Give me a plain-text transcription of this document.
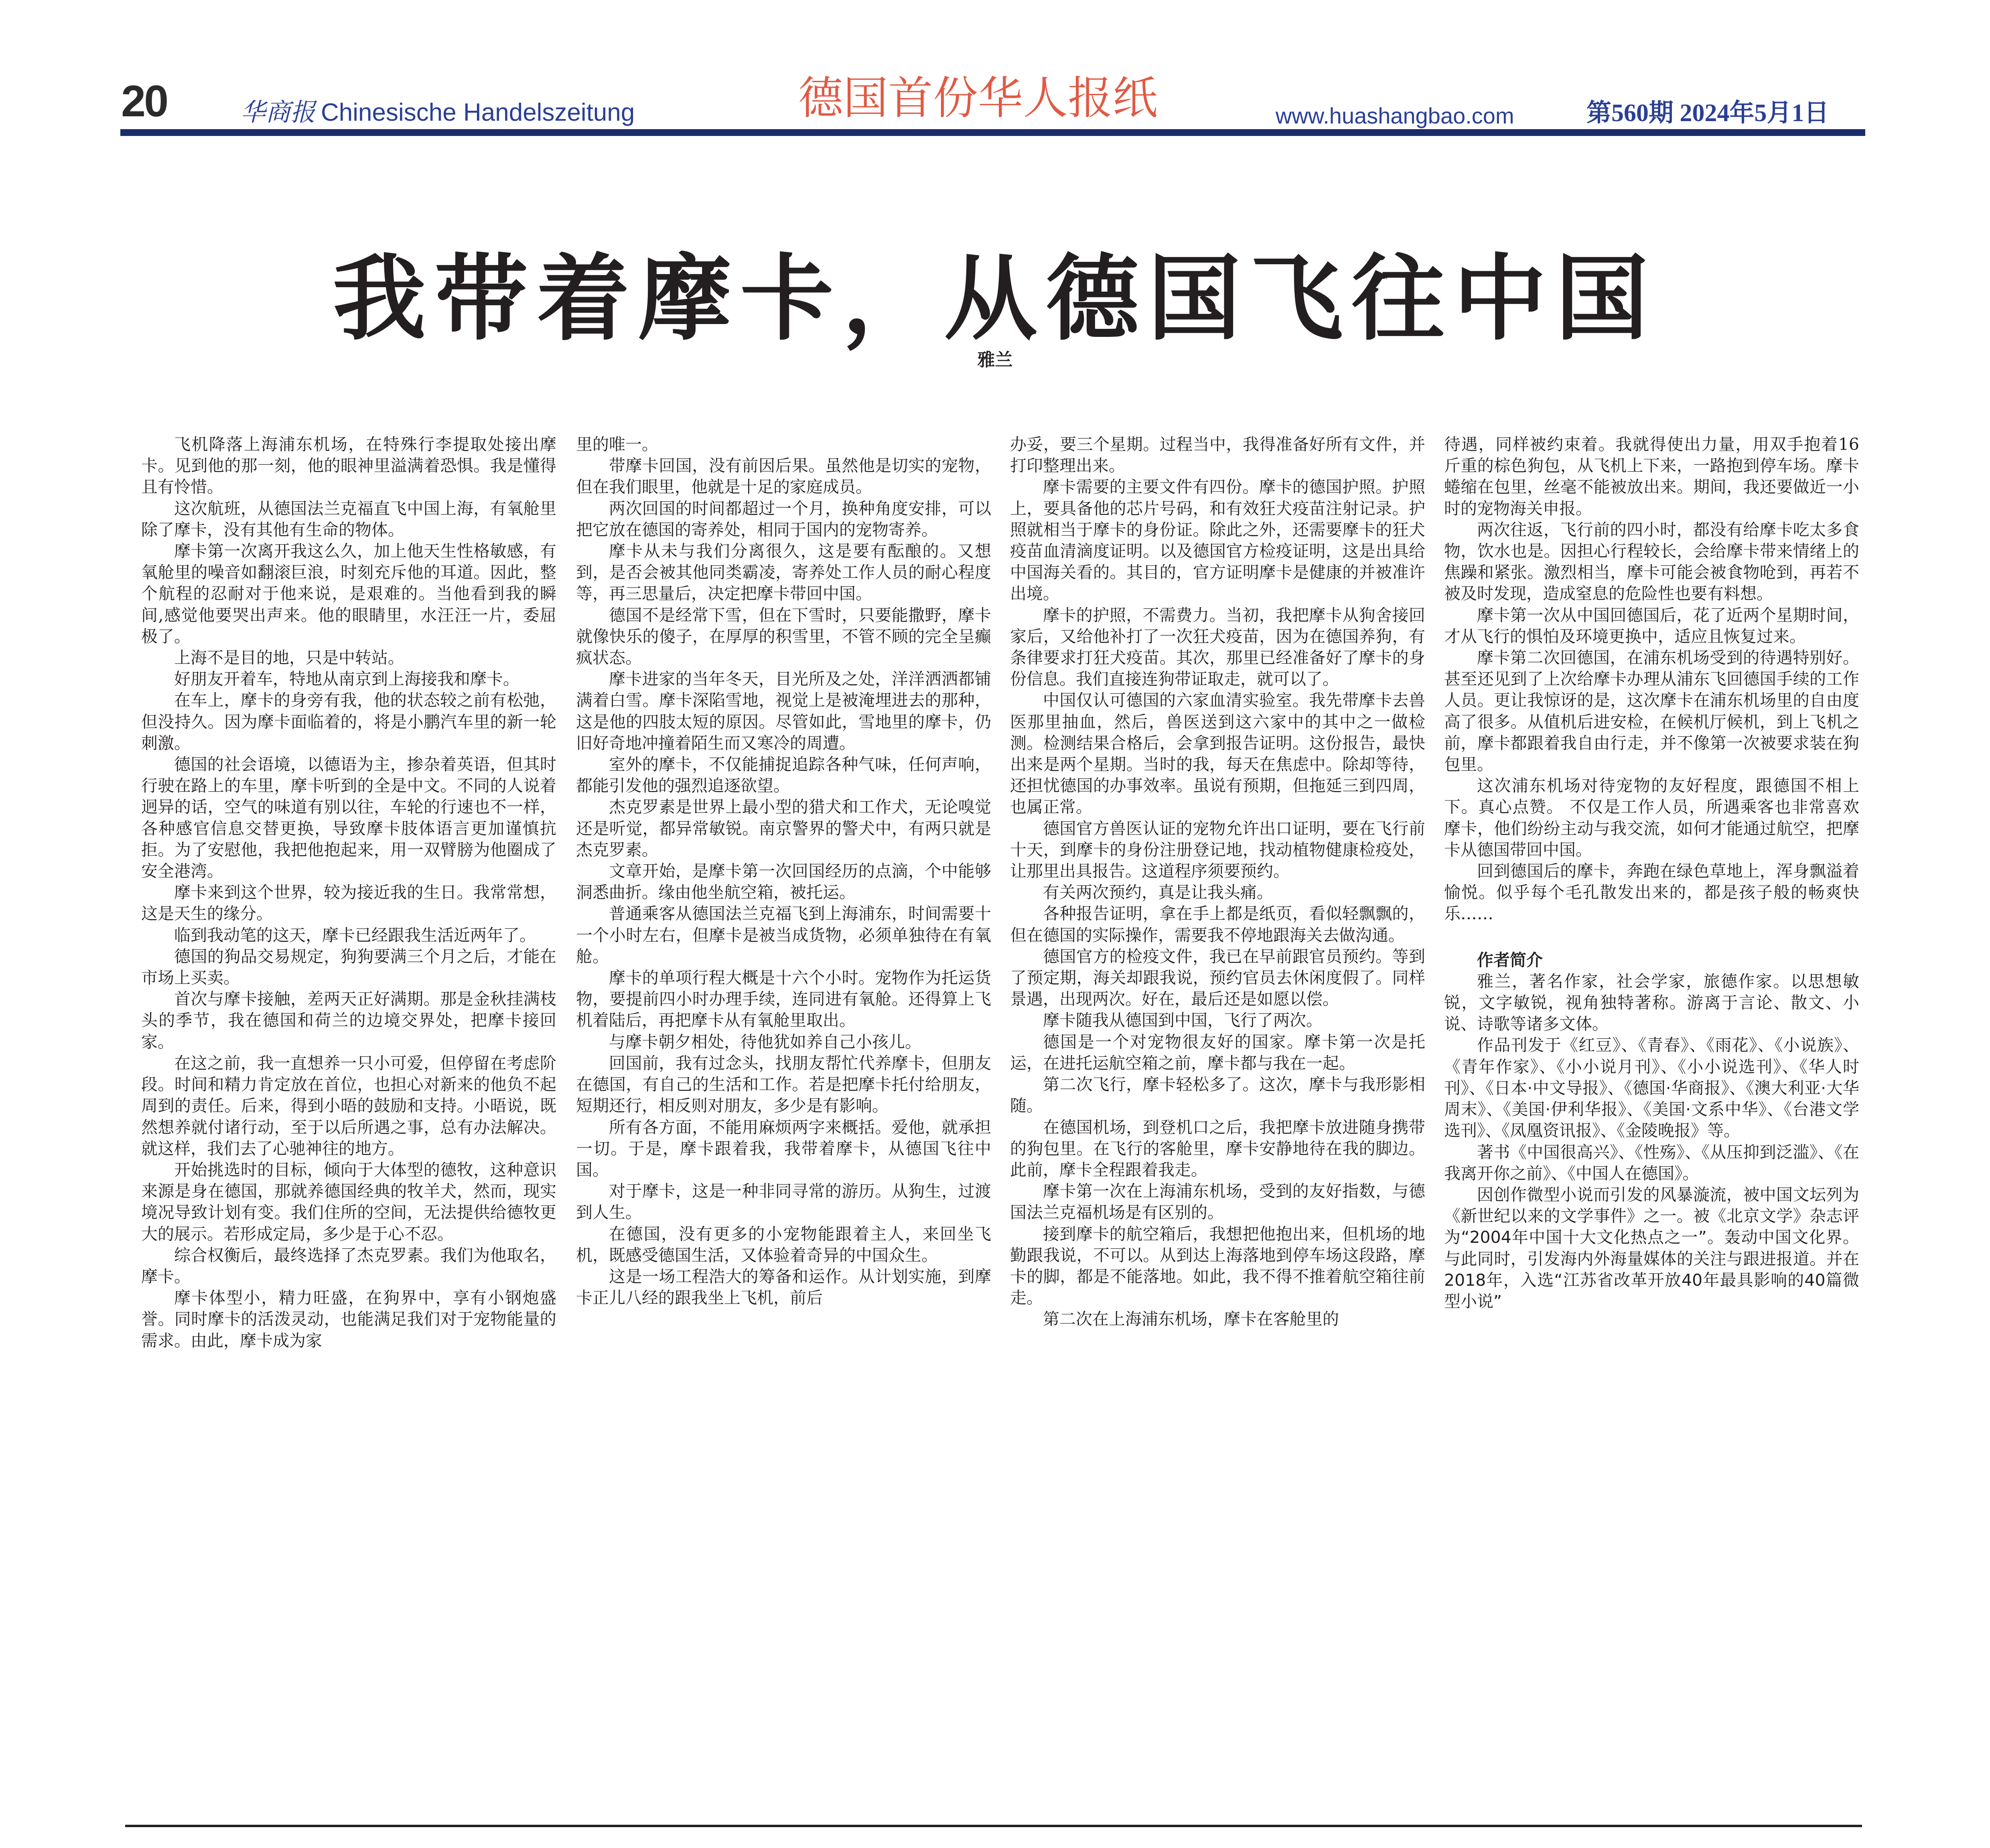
20	华商报 Chinesische Handelszeitung	德国首份华人报纸	www.huashangbao.com	第560期 2024年5月1日
我带着摩卡，从德国飞往中国
雅兰

飞机降落上海浦东机场，在特殊行李提取处接出摩卡。见到他的那一刻，他的眼神里溢满着恐惧。我是懂得且有怜惜。

这次航班，从德国法兰克福直飞中国上海，有氧舱里除了摩卡，没有其他有生命的物体。

摩卡第一次离开我这么久，加上他天生性格敏感，有氧舱里的噪音如翻滚巨浪，时刻充斥他的耳道。因此，整个航程的忍耐对于他来说，是艰难的。当他看到我的瞬间,感觉他要哭出声来。他的眼睛里，水汪汪一片，委屈极了。

上海不是目的地，只是中转站。

好朋友开着车，特地从南京到上海接我和摩卡。

在车上，摩卡的身旁有我，他的状态较之前有松弛，但没持久。因为摩卡面临着的，将是小鹏汽车里的新一轮刺激。

德国的社会语境，以德语为主，掺杂着英语，但其时行驶在路上的车里，摩卡听到的全是中文。不同的人说着迥异的话，空气的味道有别以往，车轮的行速也不一样，各种感官信息交替更换，导致摩卡肢体语言更加谨慎抗拒。为了安慰他，我把他抱起来，用一双臂膀为他圈成了安全港湾。

摩卡来到这个世界，较为接近我的生日。我常常想，这是天生的缘分。

临到我动笔的这天，摩卡已经跟我生活近两年了。

德国的狗品交易规定，狗狗要满三个月之后，才能在市场上买卖。

首次与摩卡接触，差两天正好满期。那是金秋挂满枝头的季节，我在德国和荷兰的边境交界处，把摩卡接回家。

在这之前，我一直想养一只小可爱，但停留在考虑阶段。时间和精力肯定放在首位，也担心对新来的他负不起周到的责任。后来，得到小晤的鼓励和支持。小晤说，既然想养就付诸行动，至于以后所遇之事，总有办法解决。就这样，我们去了心驰神往的地方。

开始挑选时的目标，倾向于大体型的德牧，这种意识来源是身在德国，那就养德国经典的牧羊犬，然而，现实境况导致计划有变。我们住所的空间，无法提供给德牧更大的展示。若形成定局，多少是于心不忍。

综合权衡后，最终选择了杰克罗素。我们为他取名，摩卡。

摩卡体型小，精力旺盛，在狗界中，享有小钢炮盛誉。同时摩卡的活泼灵动，也能满足我们对于宠物能量的需求。由此，摩卡成为家

里的唯一。

带摩卡回国，没有前因后果。虽然他是切实的宠物，但在我们眼里，他就是十足的家庭成员。

两次回国的时间都超过一个月，换种角度安排，可以把它放在德国的寄养处，相同于国内的宠物寄养。

摩卡从未与我们分离很久，这是要有酝酿的。又想到，是否会被其他同类霸凌，寄养处工作人员的耐心程度等，再三思量后，决定把摩卡带回中国。

德国不是经常下雪，但在下雪时，只要能撒野，摩卡就像快乐的傻子，在厚厚的积雪里，不管不顾的完全呈癫疯状态。

摩卡进家的当年冬天，目光所及之处，洋洋洒洒都铺满着白雪。摩卡深陷雪地，视觉上是被淹埋进去的那种，这是他的四肢太短的原因。尽管如此，雪地里的摩卡，仍旧好奇地冲撞着陌生而又寒冷的周遭。

室外的摩卡，不仅能捕捉追踪各种气味，任何声响，都能引发他的强烈追逐欲望。

杰克罗素是世界上最小型的猎犬和工作犬，无论嗅觉还是听觉，都异常敏锐。南京警界的警犬中，有两只就是杰克罗素。

文章开始，是摩卡第一次回国经历的点滴，个中能够洞悉曲折。缘由他坐航空箱，被托运。

普通乘客从德国法兰克福飞到上海浦东，时间需要十一个小时左右，但摩卡是被当成货物，必须单独待在有氧舱。

摩卡的单项行程大概是十六个小时。宠物作为托运货物，要提前四小时办理手续，连同进有氧舱。还得算上飞机着陆后，再把摩卡从有氧舱里取出。

与摩卡朝夕相处，待他犹如养自己小孩儿。

回国前，我有过念头，找朋友帮忙代养摩卡，但朋友在德国，有自己的生活和工作。若是把摩卡托付给朋友，短期还行，相反则对朋友，多少是有影响。

所有各方面，不能用麻烦两字来概括。爱他，就承担一切。于是，摩卡跟着我，我带着摩卡，从德国飞往中国。

对于摩卡，这是一种非同寻常的游历。从狗生，过渡到人生。

在德国，没有更多的小宠物能跟着主人，来回坐飞机，既感受德国生活，又体验着奇异的中国众生。

这是一场工程浩大的筹备和运作。从计划实施，到摩卡正儿八经的跟我坐上飞机，前后

办妥，要三个星期。过程当中，我得准备好所有文件，并打印整理出来。

摩卡需要的主要文件有四份。摩卡的德国护照。护照上，要具备他的芯片号码，和有效狂犬疫苗注射记录。护照就相当于摩卡的身份证。除此之外，还需要摩卡的狂犬疫苗血清滴度证明。以及德国官方检疫证明，这是出具给中国海关看的。其目的，官方证明摩卡是健康的并被准许出境。

摩卡的护照，不需费力。当初，我把摩卡从狗舍接回家后，又给他补打了一次狂犬疫苗，因为在德国养狗，有条律要求打狂犬疫苗。其次，那里已经准备好了摩卡的身份信息。我们直接连狗带证取走，就可以了。

中国仅认可德国的六家血清实验室。我先带摩卡去兽医那里抽血，然后，兽医送到这六家中的其中之一做检测。检测结果合格后，会拿到报告证明。这份报告，最快出来是两个星期。当时的我，每天在焦虑中。除却等待，还担忧德国的办事效率。虽说有预期，但拖延三到四周，也属正常。

德国官方兽医认证的宠物允许出口证明，要在飞行前十天，到摩卡的身份注册登记地，找动植物健康检疫处，让那里出具报告。这道程序须要预约。

有关两次预约，真是让我头痛。

各种报告证明，拿在手上都是纸页，看似轻飘飘的，但在德国的实际操作，需要我不停地跟海关去做沟通。

德国官方的检疫文件，我已在早前跟官员预约。等到了预定期，海关却跟我说，预约官员去休闲度假了。同样景遇，出现两次。好在，最后还是如愿以偿。

摩卡随我从德国到中国，飞行了两次。

德国是一个对宠物很友好的国家。摩卡第一次是托运，在进托运航空箱之前，摩卡都与我在一起。

第二次飞行，摩卡轻松多了。这次，摩卡与我形影相随。

在德国机场，到登机口之后，我把摩卡放进随身携带的狗包里。在飞行的客舱里，摩卡安静地待在我的脚边。此前，摩卡全程跟着我走。

摩卡第一次在上海浦东机场，受到的友好指数，与德国法兰克福机场是有区别的。

接到摩卡的航空箱后，我想把他抱出来，但机场的地勤跟我说，不可以。从到达上海落地到停车场这段路，摩卡的脚，都是不能落地。如此，我不得不推着航空箱往前走。

第二次在上海浦东机场，摩卡在客舱里的

待遇，同样被约束着。我就得使出力量，用双手抱着16斤重的棕色狗包，从飞机上下来，一路抱到停车场。摩卡蜷缩在包里，丝毫不能被放出来。期间，我还要做近一小时的宠物海关申报。

两次往返，飞行前的四小时，都没有给摩卡吃太多食物，饮水也是。因担心行程较长，会给摩卡带来情绪上的焦躁和紧张。激烈相当，摩卡可能会被食物呛到，再若不被及时发现，造成窒息的危险性也要有料想。

摩卡第一次从中国回德国后，花了近两个星期时间，才从飞行的惧怕及环境更换中，适应且恢复过来。

摩卡第二次回德国，在浦东机场受到的待遇特别好。甚至还见到了上次给摩卡办理从浦东飞回德国手续的工作人员。更让我惊讶的是，这次摩卡在浦东机场里的自由度高了很多。从值机后进安检，在候机厅候机，到上飞机之前，摩卡都跟着我自由行走，并不像第一次被要求装在狗包里。

这次浦东机场对待宠物的友好程度，跟德国不相上下。真心点赞。 不仅是工作人员，所遇乘客也非常喜欢摩卡，他们纷纷主动与我交流，如何才能通过航空，把摩卡从德国带回中国。

回到德国后的摩卡，奔跑在绿色草地上，浑身飘溢着愉悦。似乎每个毛孔散发出来的，都是孩子般的畅爽快乐……

作者简介

雅兰，著名作家，社会学家，旅德作家。以思想敏锐，文字敏锐，视角独特著称。游离于言论、散文、小说、诗歌等诸多文体。

作品刊发于《红豆》、《青春》、《雨花》、《小说族》、《青年作家》、《小小说月刊》、《小小说选刊》、《华人时刊》、《日本·中文导报》、《德国·华商报》、《澳大利亚·大华周末》、《美国·伊利华报》、《美国·文系中华》、《台港文学选刊》、《凤凰资讯报》、《金陵晚报》等。

著书《中国很高兴》、《性殇》、《从压抑到泛滥》、《在我离开你之前》、《中国人在德国》。

因创作微型小说而引发的风暴漩流，被中国文坛列为《新世纪以来的文学事件》之一。被《北京文学》杂志评为“2004年中国十大文化热点之一”。轰动中国文化界。与此同时，引发海内外海量媒体的关注与跟进报道。并在2018年，入选“江苏省改革开放40年最具影响的40篇微型小说”
